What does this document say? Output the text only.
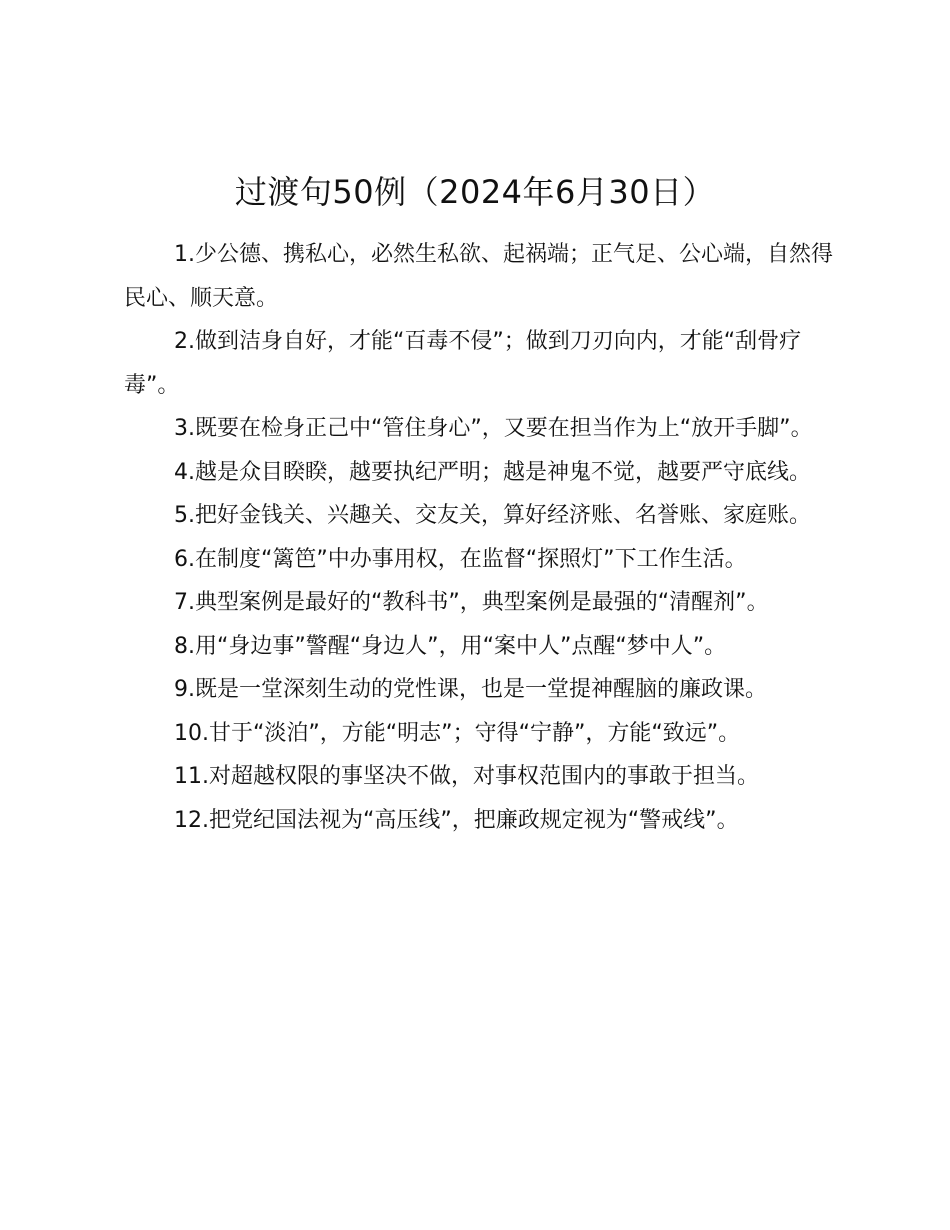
过渡句50例（2024年6月30日）

1.少公德、携私心，必然生私欲、起祸端；正气足、公心端，自然得民心、顺天意。

2.做到洁身自好，才能“百毒不侵”；做到刀刃向内，才能“刮骨疗毒”。

3.既要在检身正己中“管住身心”，又要在担当作为上“放开手脚”。

4.越是众目睽睽，越要执纪严明；越是神鬼不觉，越要严守底线。

5.把好金钱关、兴趣关、交友关，算好经济账、名誉账、家庭账。

6.在制度“篱笆”中办事用权，在监督“探照灯”下工作生活。

7.典型案例是最好的“教科书”，典型案例是最强的“清醒剂”。

8.用“身边事”警醒“身边人”，用“案中人”点醒“梦中人”。

9.既是一堂深刻生动的党性课，也是一堂提神醒脑的廉政课。

10.甘于“淡泊”，方能“明志”；守得“宁静”，方能“致远”。

11.对超越权限的事坚决不做，对事权范围内的事敢于担当。

12.把党纪国法视为“高压线”，把廉政规定视为“警戒线”。
